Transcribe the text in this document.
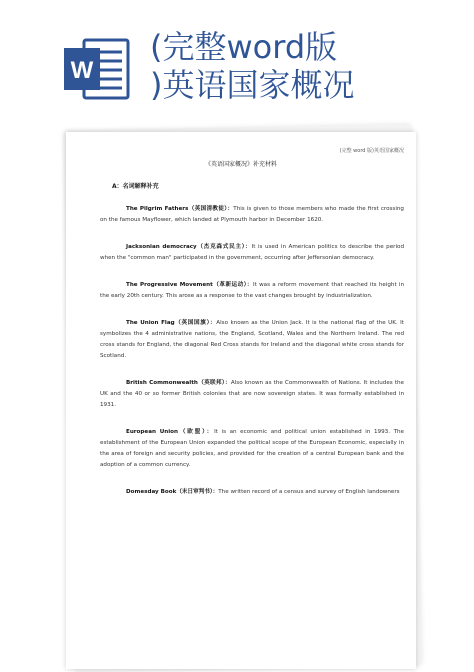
W
(完整word版
)英语国家概况
(完整 word 版)英语国家概况
《英语国家概况》补充材料
A：名词解释补充
The Pilgrim Fathers（英国清教徒）：This is given to those members who made the first crossing on the famous Mayflower, which landed at Plymouth harbor in December 1620.
Jacksonian democracy（杰克森式民主）：It is used in American politics to describe the period when the "common man" participated in the government, occurring after Jeffersonian democracy.
The Progressive Movement（革新运动）：It was a reform movement that reached its height in the early 20th century. This arose as a response to the vast changes brought by industrialization.
The Union Flag（英国国旗）：Also known as the Union Jack. It is the national flag of the UK. It symbolizes the 4 administrative nations, the England, Scotland, Wales and the Northern Ireland. The red cross stands for England, the diagonal Red Cross stands for Ireland and the diagonal white cross stands for Scotland.
British Commonwealth（英联邦）：Also known as the Commonwealth of Nations. It includes the UK and the 40 or so former British colonies that are now sovereign states. It was formally established in 1931.
European Union（欧盟）：It is an economic and political union established in 1993. The establishment of the European Union expanded the political scope of the European Economic, especially in the area of foreign and security policies, and provided for the creation of a central European bank and the adoption of a common currency.
Domesday Book（末日审判书）：The written record of a census and survey of English landowners
